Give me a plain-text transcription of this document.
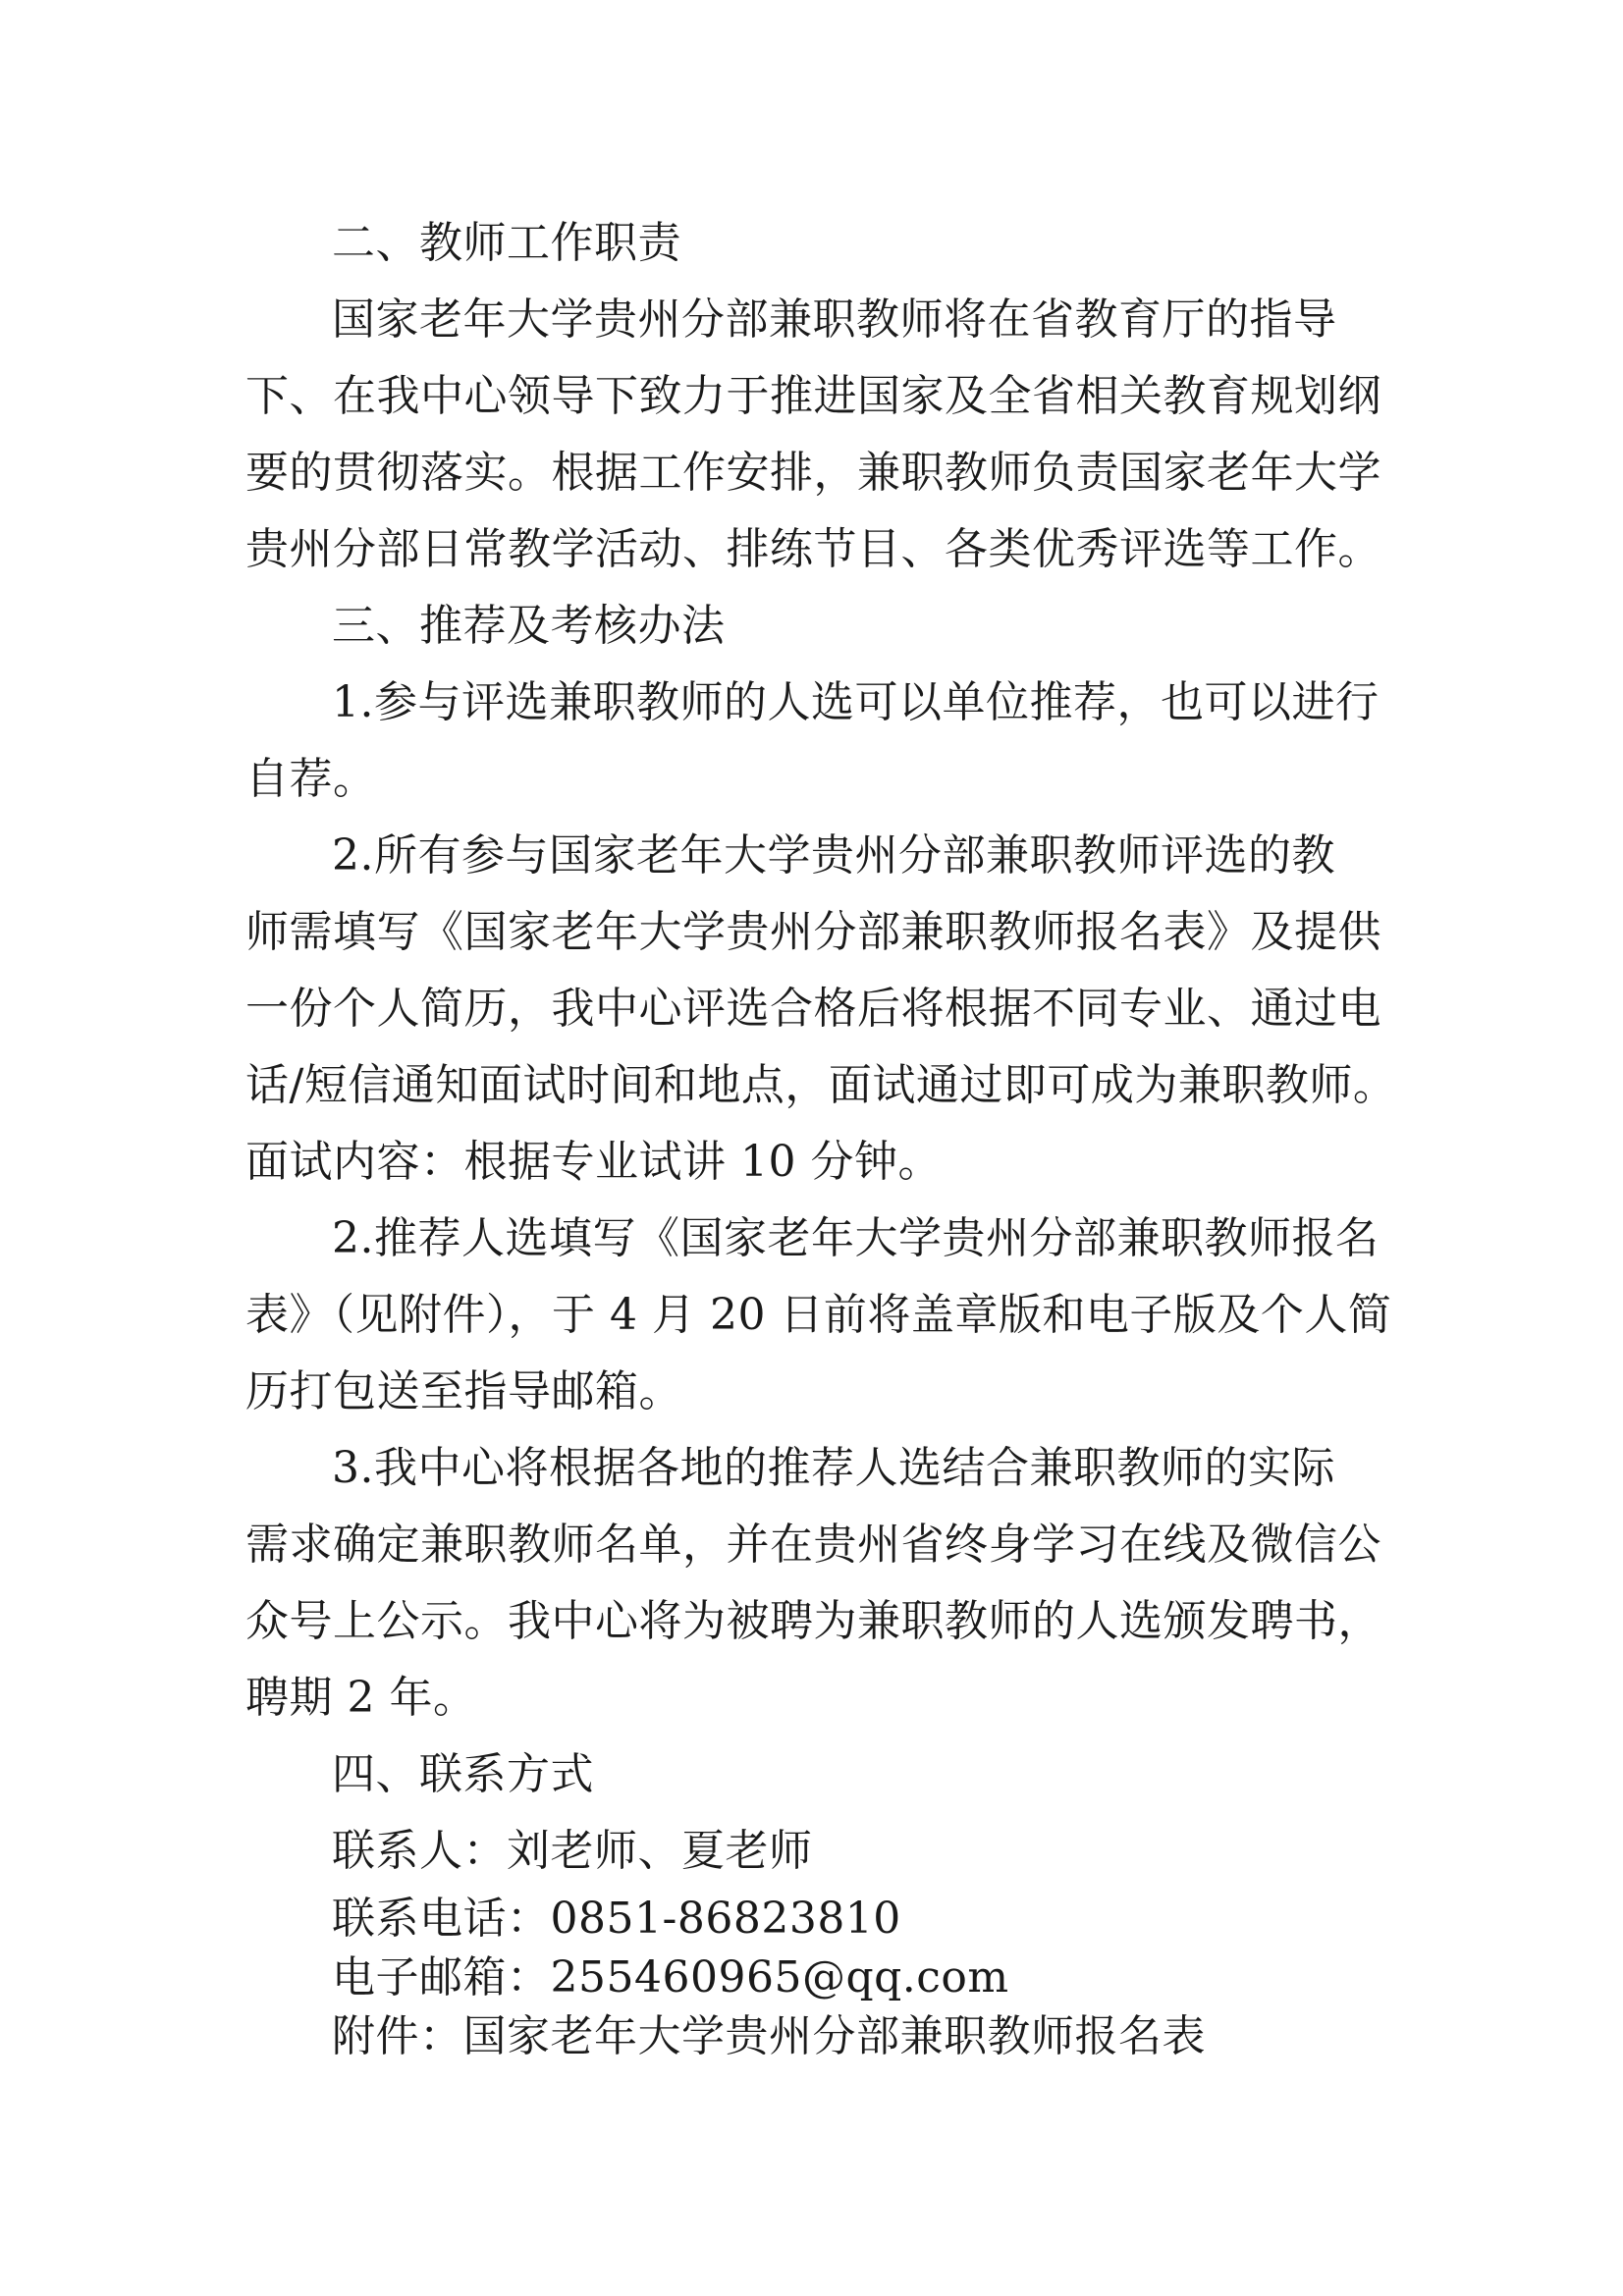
二、教师工作职责
国家老年大学贵州分部兼职教师将在省教育厅的指导
下、在我中心领导下致力于推进国家及全省相关教育规划纲
要的贯彻落实。根据工作安排，兼职教师负责国家老年大学
贵州分部日常教学活动、排练节目、各类优秀评选等工作。
三、推荐及考核办法
1.参与评选兼职教师的人选可以单位推荐，也可以进行
自荐。
2.所有参与国家老年大学贵州分部兼职教师评选的教
师需填写《国家老年大学贵州分部兼职教师报名表》及提供
一份个人简历，我中心评选合格后将根据不同专业、通过电
话/短信通知面试时间和地点，面试通过即可成为兼职教师。
面试内容：根据专业试讲 10 分钟。
2.推荐人选填写《国家老年大学贵州分部兼职教师报名
表》（见附件），于 4 月 20 日前将盖章版和电子版及个人简
历打包送至指导邮箱。
3.我中心将根据各地的推荐人选结合兼职教师的实际
需求确定兼职教师名单，并在贵州省终身学习在线及微信公
众号上公示。我中心将为被聘为兼职教师的人选颁发聘书，
聘期 2 年。
四、联系方式
联系人：刘老师、夏老师
联系电话：0851-86823810
电子邮箱：255460965@qq.com
附件：国家老年大学贵州分部兼职教师报名表
